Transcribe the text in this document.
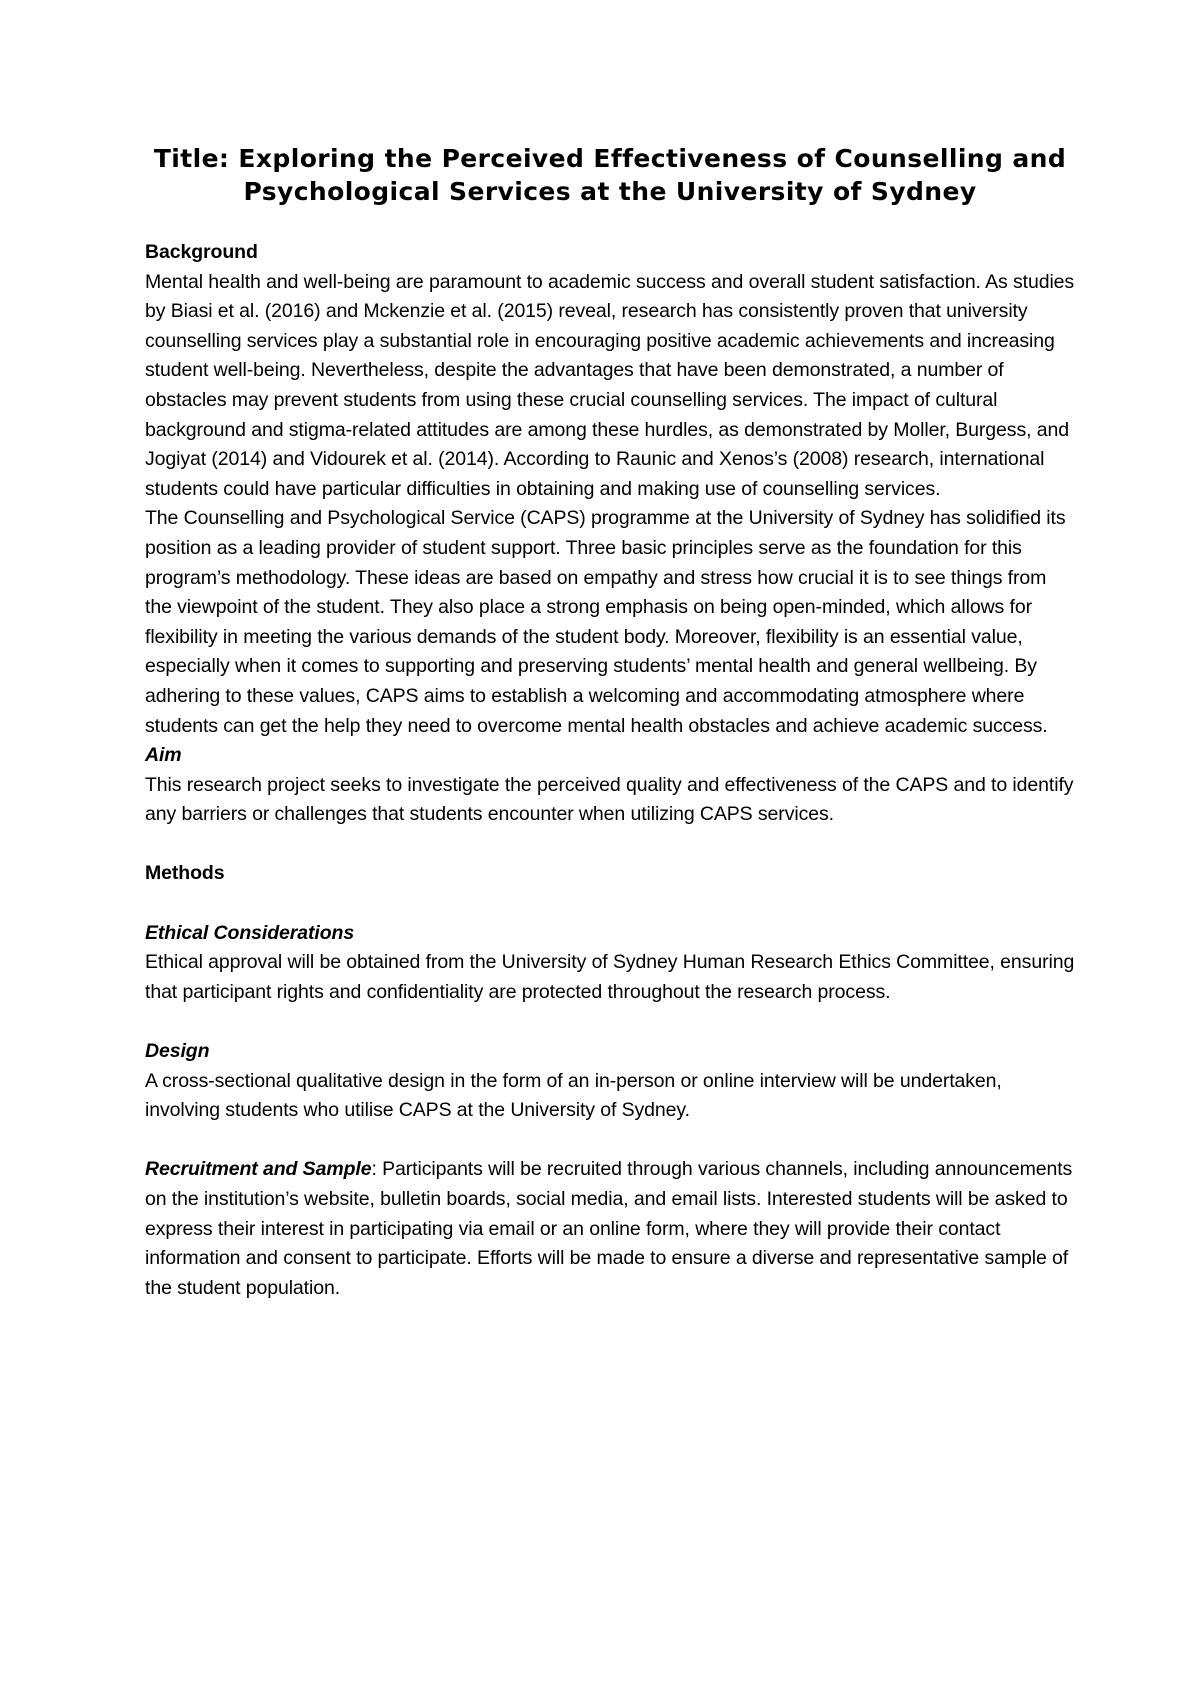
Title: Exploring the Perceived Effectiveness of Counselling and Psychological Services at the University of Sydney

Background

Mental health and well-being are paramount to academic success and overall student satisfaction. As studies by Biasi et al. (2016) and Mckenzie et al. (2015) reveal, research has consistently proven that university counselling services play a substantial role in encouraging positive academic achievements and increasing student well-being. Nevertheless, despite the advantages that have been demonstrated, a number of obstacles may prevent students from using these crucial counselling services. The impact of cultural background and stigma-related attitudes are among these hurdles, as demonstrated by Moller, Burgess, and Jogiyat (2014) and Vidourek et al. (2014). According to Raunic and Xenos’s (2008) research, international students could have particular difficulties in obtaining and making use of counselling services.

The Counselling and Psychological Service (CAPS) programme at the University of Sydney has solidified its position as a leading provider of student support. Three basic principles serve as the foundation for this program’s methodology. These ideas are based on empathy and stress how crucial it is to see things from the viewpoint of the student. They also place a strong emphasis on being open-minded, which allows for flexibility in meeting the various demands of the student body. Moreover, flexibility is an essential value, especially when it comes to supporting and preserving students’ mental health and general wellbeing. By adhering to these values, CAPS aims to establish a welcoming and accommodating atmosphere where students can get the help they need to overcome mental health obstacles and achieve academic success.

Aim

This research project seeks to investigate the perceived quality and effectiveness of the CAPS and to identify any barriers or challenges that students encounter when utilizing CAPS services.

Methods

Ethical Considerations

Ethical approval will be obtained from the University of Sydney Human Research Ethics Committee, ensuring that participant rights and confidentiality are protected throughout the research process.

Design

A cross-sectional qualitative design in the form of an in-person or online interview will be undertaken, involving students who utilise CAPS at the University of Sydney.

Recruitment and Sample: Participants will be recruited through various channels, including announcements on the institution’s website, bulletin boards, social media, and email lists. Interested students will be asked to express their interest in participating via email or an online form, where they will provide their contact information and consent to participate. Efforts will be made to ensure a diverse and representative sample of the student population.
